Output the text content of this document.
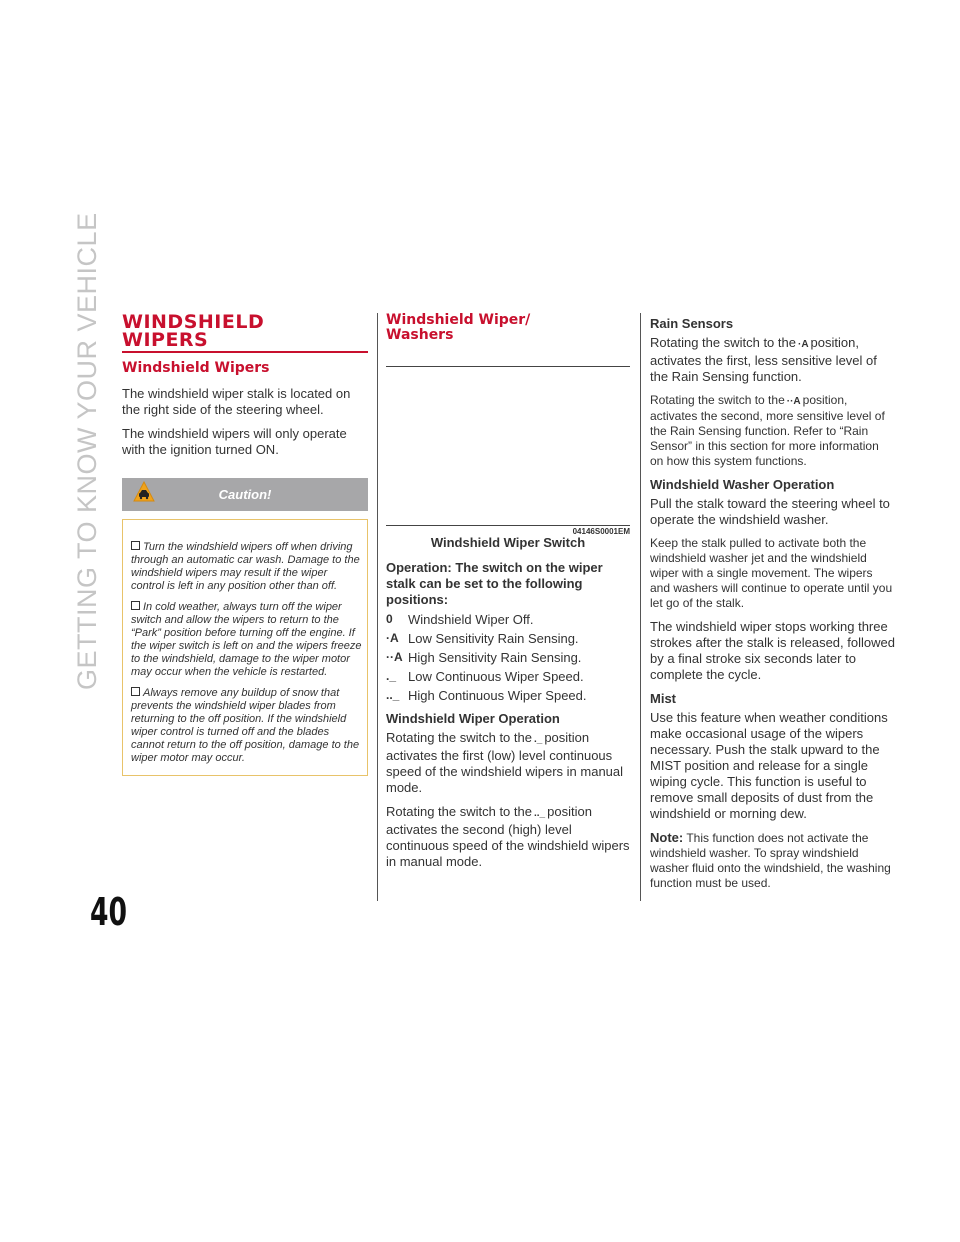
GETTING TO KNOW YOUR VEHICLE
40
WINDSHIELD
WIPERS
Windshield Wipers

The windshield wiper stalk is located on the right side of the steering wheel.

The windshield wipers will only operate with the ignition turned ON.

Caution!

Turn the windshield wipers off when driving through an automatic car wash. Damage to the windshield wipers may result if the wiper control is left in any position other than off.

In cold weather, always turn off the wiper switch and allow the wipers to return to the “Park” position before turning off the engine. If the wiper switch is left on and the wipers freeze to the windshield, damage to the wiper motor may occur when the vehicle is restarted.

Always remove any buildup of snow that prevents the windshield wiper blades from returning to the off position. If the windshield wiper control is turned off and the blades cannot return to the off position, damage to the wiper motor may occur.

Windshield Wiper/
Washers
04146S0001EM
Windshield Wiper Switch

Operation: The switch on the wiper stalk can be set to the following positions:

0	Windshield Wiper Off.
·A Low Sensitivity Rain Sensing.
··A High Sensitivity Rain Sensing.
._ Low Continuous Wiper Speed.
.._ High Continuous Wiper Speed.
Windshield Wiper Operation

Rotating the switch to the ._ position activates the first (low) level continuous speed of the windshield wipers in manual mode.

Rotating the switch to the .._ position activates the second (high) level continuous speed of the windshield wipers in manual mode.

Rain Sensors

Rotating the switch to the ·A position, activates the first, less sensitive level of the Rain Sensing function.

Rotating the switch to the ··A position, activates the second, more sensitive level of the Rain Sensing function. Refer to “Rain Sensor” in this section for more information on how this system functions.

Windshield Washer Operation

Pull the stalk toward the steering wheel to operate the windshield washer.

Keep the stalk pulled to activate both the windshield washer jet and the windshield wiper with a single movement. The wipers and washers will continue to operate until you let go of the stalk.

The windshield wiper stops working three strokes after the stalk is released, followed by a final stroke six seconds later to complete the cycle.

Mist

Use this feature when weather conditions make occasional usage of the wipers necessary. Push the stalk upward to the MIST position and release for a single wiping cycle. This function is useful to remove small deposits of dust from the windshield or morning dew.

Note: This function does not activate the windshield washer. To spray windshield washer fluid onto the windshield, the washing function must be used.
